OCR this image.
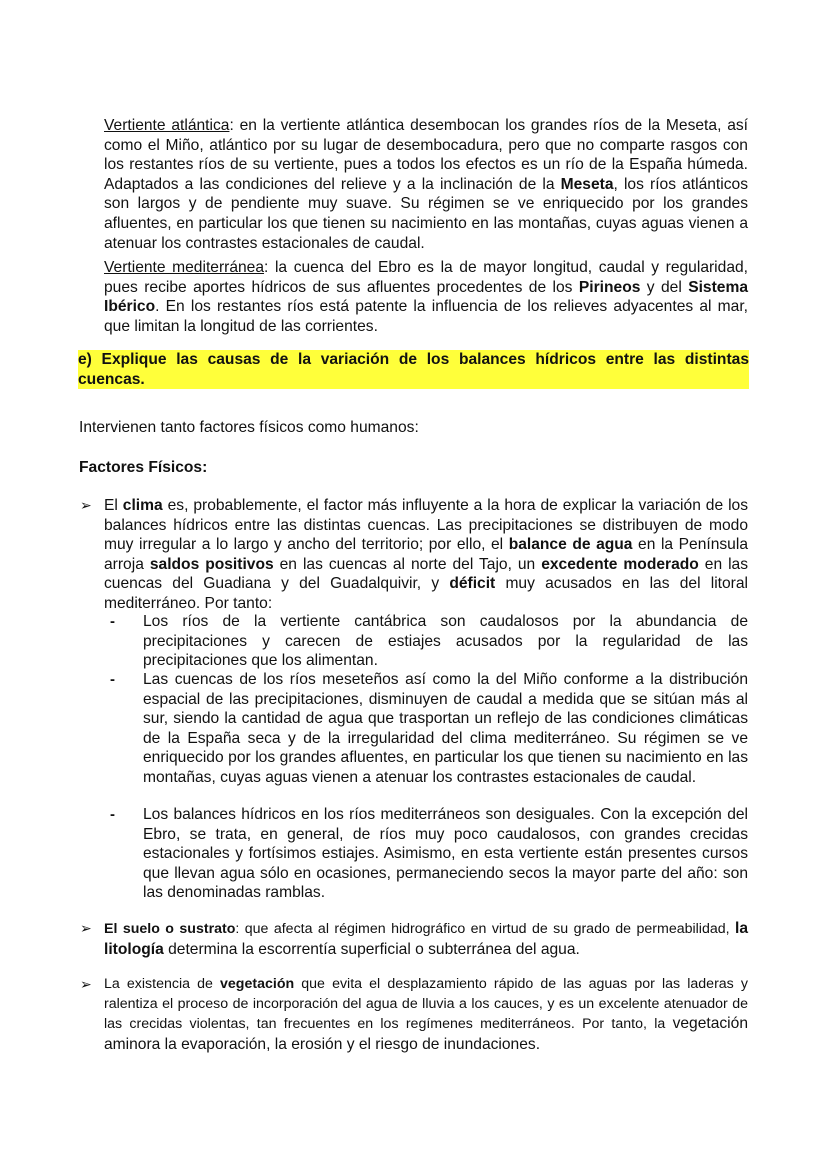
Vertiente atlántica: en la vertiente atlántica desembocan los grandes ríos de la Meseta, así como el Miño, atlántico por su lugar de desembocadura, pero que no comparte rasgos con los restantes ríos de su vertiente, pues a todos los efectos es un río de la España húmeda. Adaptados a las condiciones del relieve y a la inclinación de la Meseta, los ríos atlánticos son largos y de pendiente muy suave. Su régimen se ve enriquecido por los grandes afluentes, en particular los que tienen su nacimiento en las montañas, cuyas aguas vienen a atenuar los contrastes estacionales de caudal.

Vertiente mediterránea: la cuenca del Ebro es la de mayor longitud, caudal y regularidad, pues recibe aportes hídricos de sus afluentes procedentes de los Pirineos y del Sistema Ibérico. En los restantes ríos está patente la influencia de los relieves adyacentes al mar, que limitan la longitud de las corrientes.

e) Explique las causas de la variación de los balances hídricos entre las distintas cuencas.

Intervienen tanto factores físicos como humanos:

Factores Físicos:

➢ El clima es, probablemente, el factor más influyente a la hora de explicar la variación de los balances hídricos entre las distintas cuencas. Las precipitaciones se distribuyen de modo muy irregular a lo largo y ancho del territorio; por ello, el balance de agua en la Península arroja saldos positivos en las cuencas al norte del Tajo, un excedente moderado en las cuencas del Guadiana y del Guadalquivir, y déficit muy acusados en las del litoral mediterráneo. Por tanto:

- Los ríos de la vertiente cantábrica son caudalosos por la abundancia de precipitaciones y carecen de estiajes acusados por la regularidad de las precipitaciones que los alimentan.

- Las cuencas de los ríos meseteños así como la del Miño conforme a la distribución espacial de las precipitaciones, disminuyen de caudal a medida que se sitúan más al sur, siendo la cantidad de agua que trasportan un reflejo de las condiciones climáticas de la España seca y de la irregularidad del clima mediterráneo. Su régimen se ve enriquecido por los grandes afluentes, en particular los que tienen su nacimiento en las montañas, cuyas aguas vienen a atenuar los contrastes estacionales de caudal.

- Los balances hídricos en los ríos mediterráneos son desiguales. Con la excepción del Ebro, se trata, en general, de ríos muy poco caudalosos, con grandes crecidas estacionales y fortísimos estiajes. Asimismo, en esta vertiente están presentes cursos que llevan agua sólo en ocasiones, permaneciendo secos la mayor parte del año: son las denominadas ramblas.

➢ El suelo o sustrato: que afecta al régimen hidrográfico en virtud de su grado de permeabilidad, la litología determina la escorrentía superficial o subterránea del agua.

➢ La existencia de vegetación que evita el desplazamiento rápido de las aguas por las laderas y ralentiza el proceso de incorporación del agua de lluvia a los cauces, y es un excelente atenuador de las crecidas violentas, tan frecuentes en los regímenes mediterráneos. Por tanto, la vegetación aminora la evaporación, la erosión y el riesgo de inundaciones.
